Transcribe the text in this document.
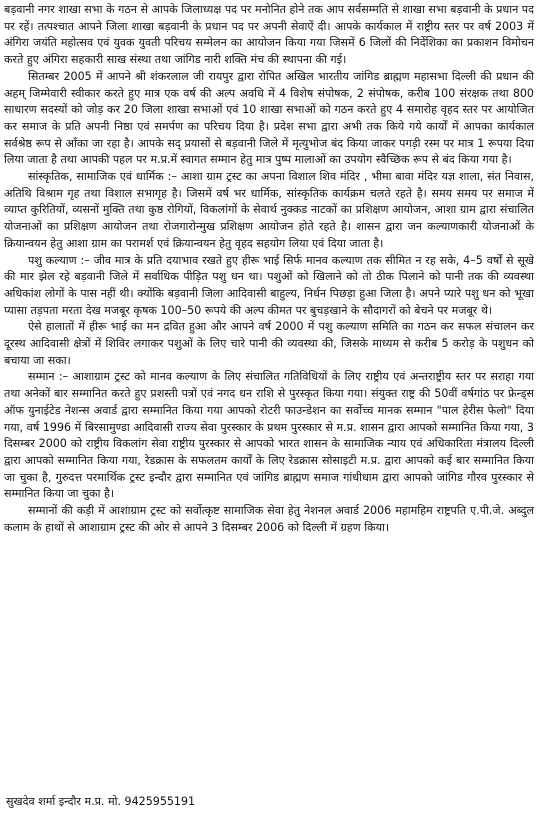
बड़वानी नगर शाखा सभा के गठन से आपके जिलाध्यक्ष पद पर मनोनित होने तक आप सर्वसम्मति से शाखा सभा बड़वानी के प्रधान पद पर रहें। तत्पश्चात आपने जिला शाखा बड़वानी के प्रधान पद पर अपनी सेवाऐं दी। आपके कार्यकाल में राष्ट्रीय स्तर पर वर्ष 2003 में अंगिरा जयंति महोत्सव एवं युवक युवती परिचय सम्मेलन का आयोजन किया गया जिसमें 6 जिलों की निर्देशिका का प्रकाशन विमोचन करते हुए अंगिरा सहकारी साख संस्था तथा जांगिड नारी शक्ति मंच की स्थापना की गई।

सितम्बर 2005 में आपने श्री शंकरलाल जी रायपुर द्वारा रोपित अखिल भारतीय जांगिड ब्राह्मण महासभा दिल्ली की प्रधान की अहम् जिम्मेवारी स्वीकार करते हुए मात्र एक वर्ष की अल्प अवधि में 4 विशेष संपोषक, 2 संपोषक, करीब 100 संरक्षक तथा 800 साधारण सदस्यों को जोड़ कर 20 जिला शाखा सभाओं एवं 10 शाखा सभाओं को गठन करते हुए 4 समारोह वृहद स्तर पर आयोजित कर समाज के प्रति अपनी निष्ठा एवं समर्पण का परिचय दिया है। प्रदेश सभा द्वारा अभी तक किये गये कार्यों में आपका कार्यकाल सर्वश्रेष्ठ रूप से आँका जा रहा है। आपके सद् प्रयासों से बड़वानी जिले में मृत्युभोज बंद किया जाकर पगड़ी रस्म पर मात्र 1 रूपया दिया लिया जाता है तथा आपकी पहल पर म.प्र.में स्वागत सम्मान हेतु मात्र पुष्प मालाओं का उपयोग स्वैच्छिक रूप से बंद किया गया है।

सांस्कृतिक, सामाजिक एवं धार्मिक :– आशा ग्राम ट्रस्ट का अपना विशाल शिव मंदिर , भीमा बावा मंदिर यज्ञ शाला, संत निवास, अतिथि विश्राम गृह तथा विशाल सभागृह है। जिसमें वर्ष भर धार्मिक, सांस्कृतिक कार्यक्रम चलते रहते है। समय समय पर समाज में व्याप्त कुरितियों, व्यसनों मुक्ति तथा कुष्ठ रोगियों, विकलांगों के सेवार्थ नुक्कड नाटकों का प्रशिक्षण आयोजन, आशा ग्राम द्वारा संचालित योजनाओं का प्रशिक्षण आयोजन तथा रोजगारोन्मुख प्रशिक्षण आयोजन होते रहते है। शासन द्वारा जन कल्याणकारी योजनाओं के क्रियान्वयन हेतु आशा ग्राम का परामर्श एवं क्रियान्वयन हेतु वृहद सहयोग लिया एवं दिया जाता है।

पशु कल्याण :– जीव मात्र के प्रति दयाभाव रखते हुए हीरू भाई सिर्फ मानव कल्याण तक सीमित न रह सके, 4–5 वर्षों से सूखे की मार झेल रहे बड़वानी जिले में सर्वाधिक पीड़ित पशु धन था। पशुओं को खिलाने को तो ठीक पिलाने को पानी तक की व्यवस्था अधिकांश लोगों के पास नहीं थी। क्योंकि बड़वानी जिला आदिवासी बाहुल्य, निर्धन पिछड़ा हुआ जिला है। अपने प्यारे पशु धन को भूखा प्यासा तड़पता मरता देख मजबूर कृषक 100–50 रूपये की अल्प कीमत पर बुचड़खाने के सौदागरों को बेचने पर मजबूर थे।

ऐसे हालातों में हीरू भाई का मन द्रवित हुआ और आपने वर्ष 2000 में पशु कल्याण समिति का गठन कर सफल संचालन कर दूरस्थ आदिवासी क्षेत्रों में शिविर लगाकर पशुओं के लिए चारे पानी की व्यवस्था की, जिसके माध्यम से करीब 5 करोड़ के पशुधन को बचाया जा सका।

सम्मान :– आशाग्राम ट्रस्ट को मानव कल्याण के लिए संचालित गतिविधियों के लिए राष्ट्रीय एवं अन्तराष्ट्रीय स्तर पर सराहा गया तथा अनेकों बार सम्मानित करते हुए प्रशस्ती पत्रों एवं नगद धन राशि से पुरस्कृत किया गया। संयुक्त राष्ट्र की 50वीं वर्षगांठ पर फ्रेन्ड्स ऑफ युनाईटेड नेशन्स अवार्ड द्वारा सम्मानित किया गया आपको रोटरी फाउन्डेशन का सर्वोच्च मानक सम्मान "पाल हेरीस फेलो" दिया गया, वर्ष 1996 में बिरसामुण्डा आदिवासी राज्य सेवा पुरस्कार के प्रथम पुरस्कार से म.प्र. शासन द्वारा आपको सम्मानित किया गया, 3 दिसम्बर 2000 को राष्ट्रीय विकलांग सेवा राष्ट्रीय पुरस्कार से आपको भारत शासन के सामाजिक न्याय एवं अधिकारिता मंत्रालय दिल्ली द्वारा आपको सम्मानित किया गया, रेडक्रास के सफलतम कार्यों के लिए रेडक्रास सोसाइटी म.प्र. द्वारा आपको कई बार सम्मानित किया जा चुका है, गुरुदत्त परमार्थिक ट्रस्ट इन्दौर द्वारा सम्मानित एवं जांगिड ब्राह्मण समाज गांधीधाम द्वारा आपको जांगिड गौरव पुरस्कार से सम्मानित किया जा चुका है।

सम्मानों की कड़ी में आशाग्राम ट्रस्ट को सर्वोत्कृष्ट सामाजिक सेवा हेतु नेशनल अवार्ड 2006 महामहिम राष्ट्रपति ए.पी.जे. अब्दुल कलाम के हाथों से आशाग्राम ट्रस्ट की ओर से आपने 3 दिसम्बर 2006 को दिल्ली में ग्रहण किया।

सुखदेव शर्मा इन्दौर म.प्र. मो. 9425955191
